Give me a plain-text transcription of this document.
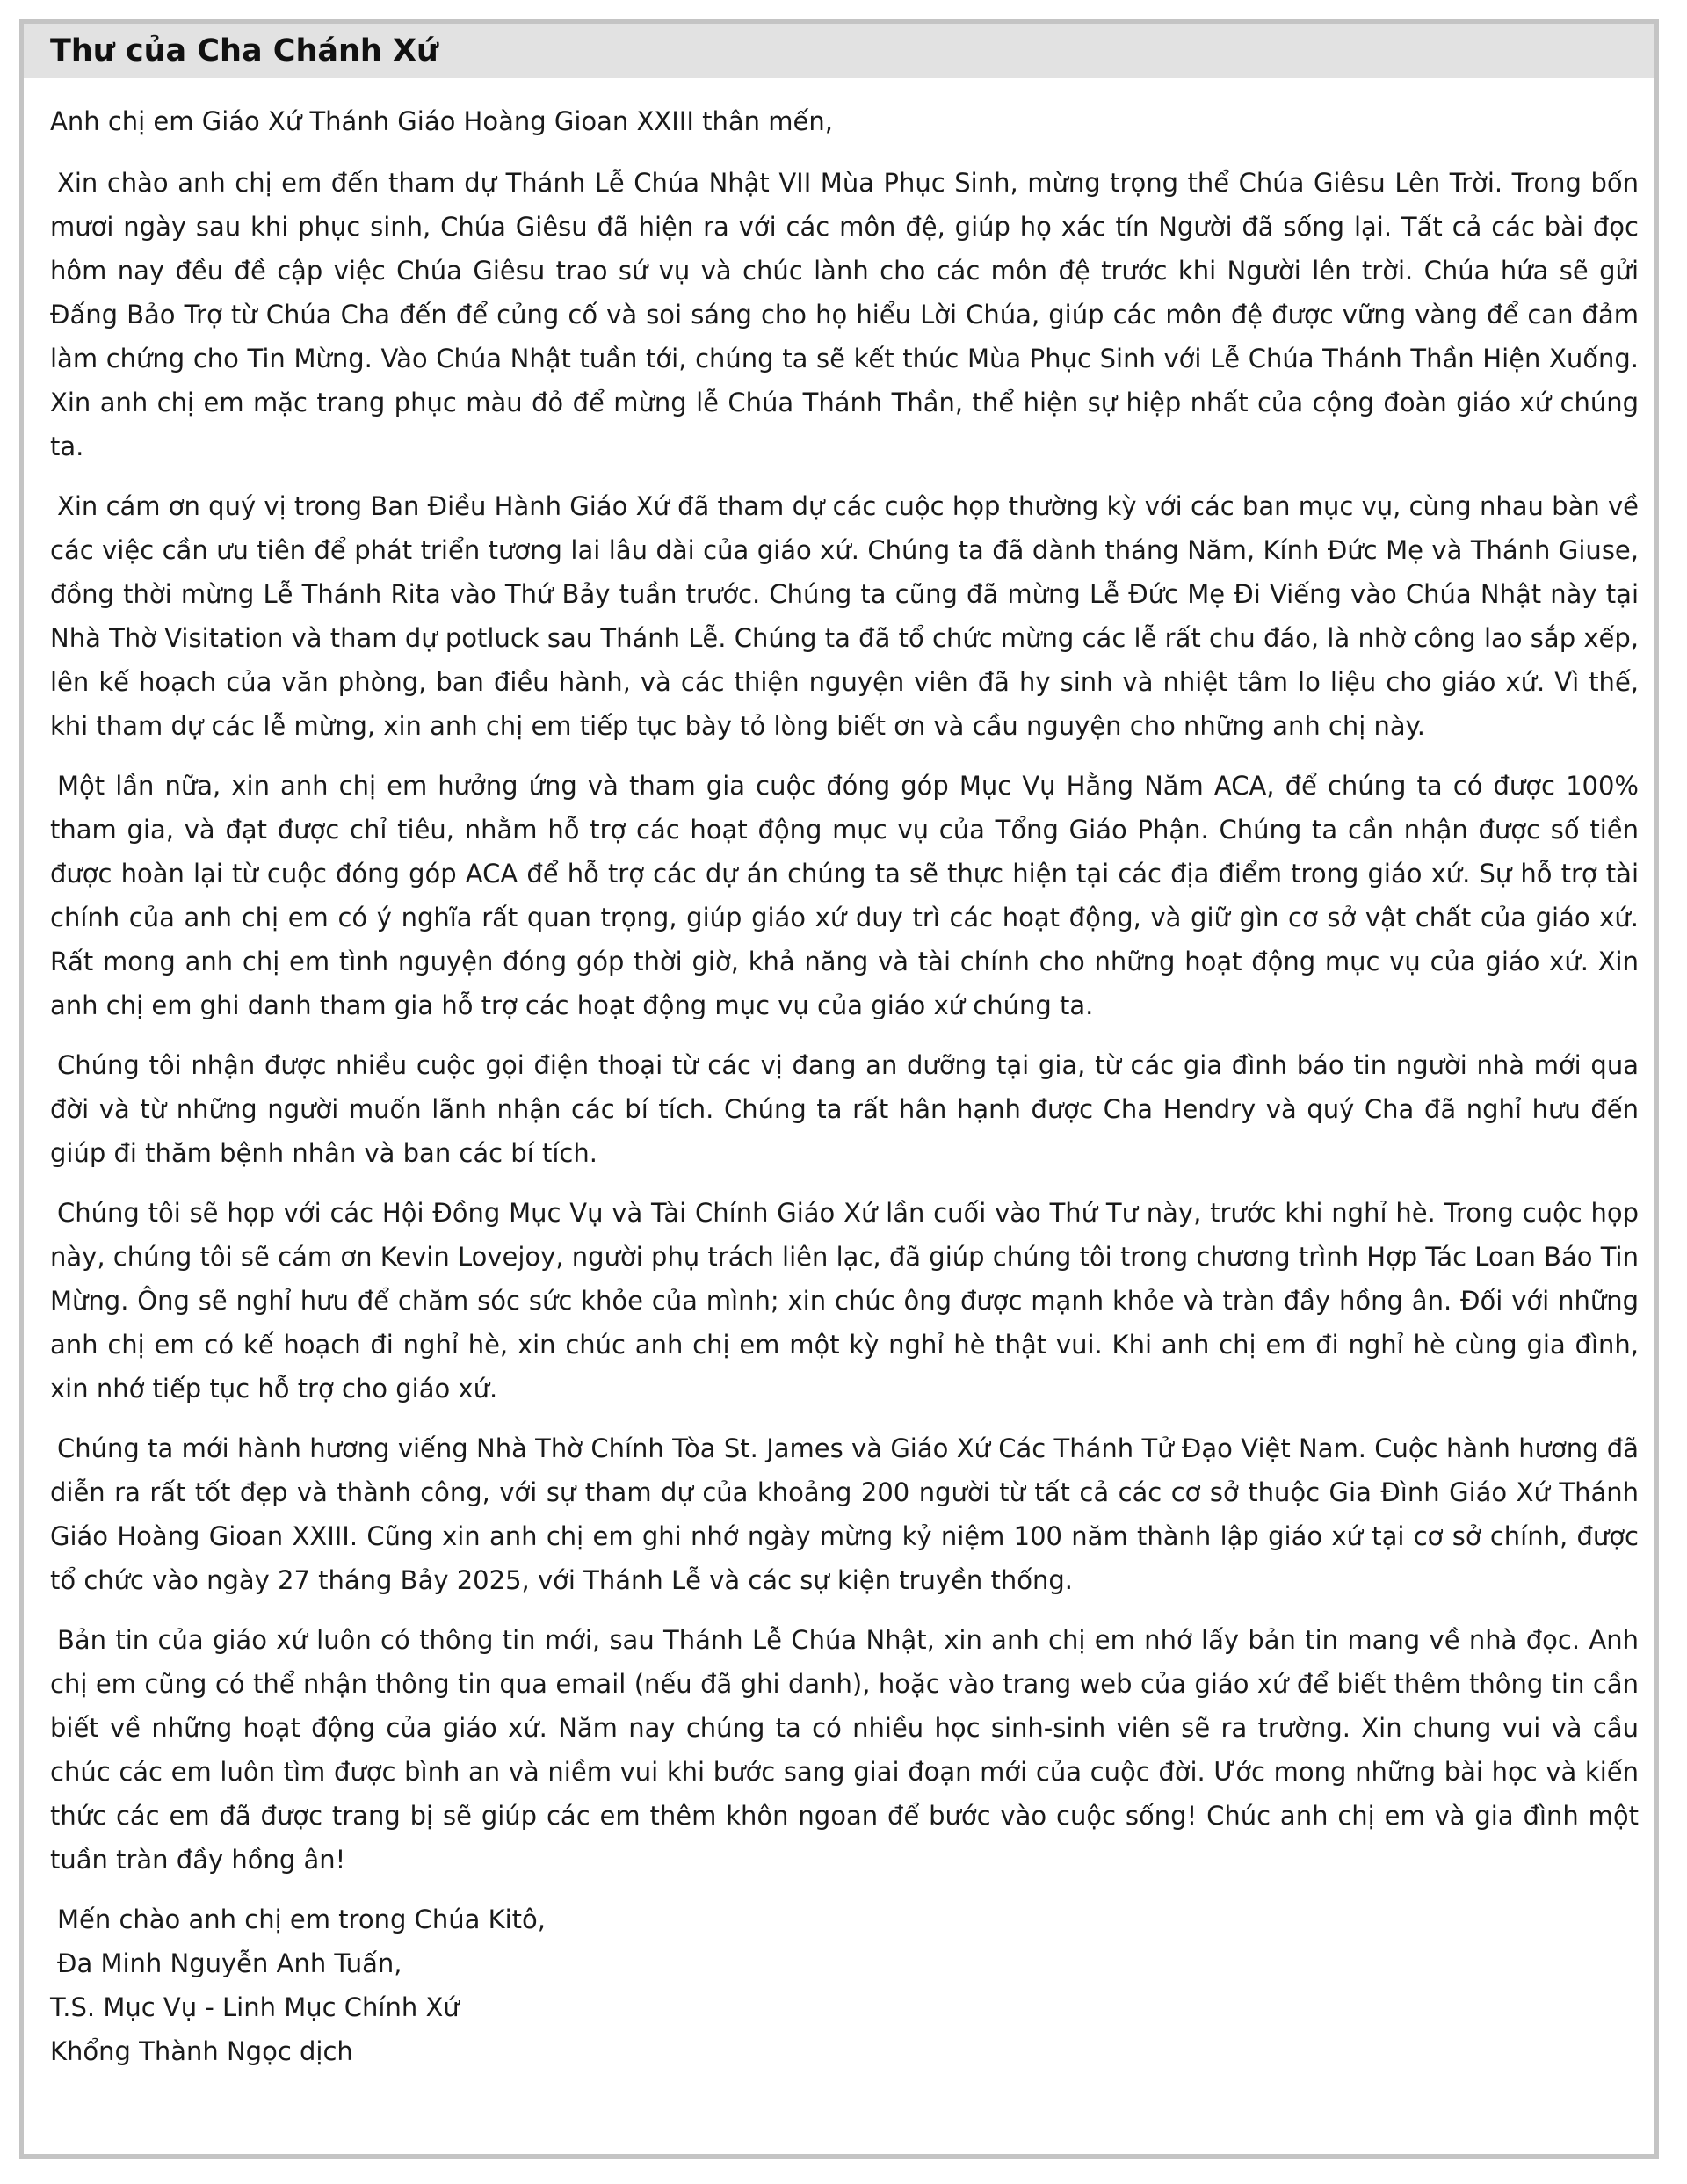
Thư của Cha Chánh Xứ

Anh chị em Giáo Xứ Thánh Giáo Hoàng Gioan XXIII thân mến,

Xin chào anh chị em đến tham dự Thánh Lễ Chúa Nhật VII Mùa Phục Sinh, mừng trọng thể Chúa Giêsu Lên Trời. Trong bốn mươi ngày sau khi phục sinh, Chúa Giêsu đã hiện ra với các môn đệ, giúp họ xác tín Người đã sống lại. Tất cả các bài đọc hôm nay đều đề cập việc Chúa Giêsu trao sứ vụ và chúc lành cho các môn đệ trước khi Người lên trời. Chúa hứa sẽ gửi Đấng Bảo Trợ từ Chúa Cha đến để củng cố và soi sáng cho họ hiểu Lời Chúa, giúp các môn đệ được vững vàng để can đảm làm chứng cho Tin Mừng. Vào Chúa Nhật tuần tới, chúng ta sẽ kết thúc Mùa Phục Sinh với Lễ Chúa Thánh Thần Hiện Xuống. Xin anh chị em mặc trang phục màu đỏ để mừng lễ Chúa Thánh Thần, thể hiện sự hiệp nhất của cộng đoàn giáo xứ chúng ta.

Xin cám ơn quý vị trong Ban Điều Hành Giáo Xứ đã tham dự các cuộc họp thường kỳ với các ban mục vụ, cùng nhau bàn về các việc cần ưu tiên để phát triển tương lai lâu dài của giáo xứ. Chúng ta đã dành tháng Năm, Kính Đức Mẹ và Thánh Giuse, đồng thời mừng Lễ Thánh Rita vào Thứ Bảy tuần trước. Chúng ta cũng đã mừng Lễ Đức Mẹ Đi Viếng vào Chúa Nhật này tại Nhà Thờ Visitation và tham dự potluck sau Thánh Lễ. Chúng ta đã tổ chức mừng các lễ rất chu đáo, là nhờ công lao sắp xếp, lên kế hoạch của văn phòng, ban điều hành, và các thiện nguyện viên đã hy sinh và nhiệt tâm lo liệu cho giáo xứ. Vì thế, khi tham dự các lễ mừng, xin anh chị em tiếp tục bày tỏ lòng biết ơn và cầu nguyện cho những anh chị này.

Một lần nữa, xin anh chị em hưởng ứng và tham gia cuộc đóng góp Mục Vụ Hằng Năm ACA, để chúng ta có được 100% tham gia, và đạt được chỉ tiêu, nhằm hỗ trợ các hoạt động mục vụ của Tổng Giáo Phận. Chúng ta cần nhận được số tiền được hoàn lại từ cuộc đóng góp ACA để hỗ trợ các dự án chúng ta sẽ thực hiện tại các địa điểm trong giáo xứ. Sự hỗ trợ tài chính của anh chị em có ý nghĩa rất quan trọng, giúp giáo xứ duy trì các hoạt động, và giữ gìn cơ sở vật chất của giáo xứ. Rất mong anh chị em tình nguyện đóng góp thời giờ, khả năng và tài chính cho những hoạt động mục vụ của giáo xứ. Xin anh chị em ghi danh tham gia hỗ trợ các hoạt động mục vụ của giáo xứ chúng ta.

Chúng tôi nhận được nhiều cuộc gọi điện thoại từ các vị đang an dưỡng tại gia, từ các gia đình báo tin người nhà mới qua đời và từ những người muốn lãnh nhận các bí tích. Chúng ta rất hân hạnh được Cha Hendry và quý Cha đã nghỉ hưu đến giúp đi thăm bệnh nhân và ban các bí tích.

Chúng tôi sẽ họp với các Hội Đồng Mục Vụ và Tài Chính Giáo Xứ lần cuối vào Thứ Tư này, trước khi nghỉ hè. Trong cuộc họp này, chúng tôi sẽ cám ơn Kevin Lovejoy, người phụ trách liên lạc, đã giúp chúng tôi trong chương trình Hợp Tác Loan Báo Tin Mừng. Ông sẽ nghỉ hưu để chăm sóc sức khỏe của mình; xin chúc ông được mạnh khỏe và tràn đầy hồng ân. Đối với những anh chị em có kế hoạch đi nghỉ hè, xin chúc anh chị em một kỳ nghỉ hè thật vui. Khi anh chị em đi nghỉ hè cùng gia đình, xin nhớ tiếp tục hỗ trợ cho giáo xứ.

Chúng ta mới hành hương viếng Nhà Thờ Chính Tòa St. James và Giáo Xứ Các Thánh Tử Đạo Việt Nam. Cuộc hành hương đã diễn ra rất tốt đẹp và thành công, với sự tham dự của khoảng 200 người từ tất cả các cơ sở thuộc Gia Đình Giáo Xứ Thánh Giáo Hoàng Gioan XXIII. Cũng xin anh chị em ghi nhớ ngày mừng kỷ niệm 100 năm thành lập giáo xứ tại cơ sở chính, được tổ chức vào ngày 27 tháng Bảy 2025, với Thánh Lễ và các sự kiện truyền thống.

Bản tin của giáo xứ luôn có thông tin mới, sau Thánh Lễ Chúa Nhật, xin anh chị em nhớ lấy bản tin mang về nhà đọc. Anh chị em cũng có thể nhận thông tin qua email (nếu đã ghi danh), hoặc vào trang web của giáo xứ để biết thêm thông tin cần biết về những hoạt động của giáo xứ. Năm nay chúng ta có nhiều học sinh-sinh viên sẽ ra trường. Xin chung vui và cầu chúc các em luôn tìm được bình an và niềm vui khi bước sang giai đoạn mới của cuộc đời. Ước mong những bài học và kiến thức các em đã được trang bị sẽ giúp các em thêm khôn ngoan để bước vào cuộc sống! Chúc anh chị em và gia đình một tuần tràn đầy hồng ân!

Mến chào anh chị em trong Chúa Kitô,
Đa Minh Nguyễn Anh Tuấn,
T.S. Mục Vụ - Linh Mục Chính Xứ
Khổng Thành Ngọc dịch
